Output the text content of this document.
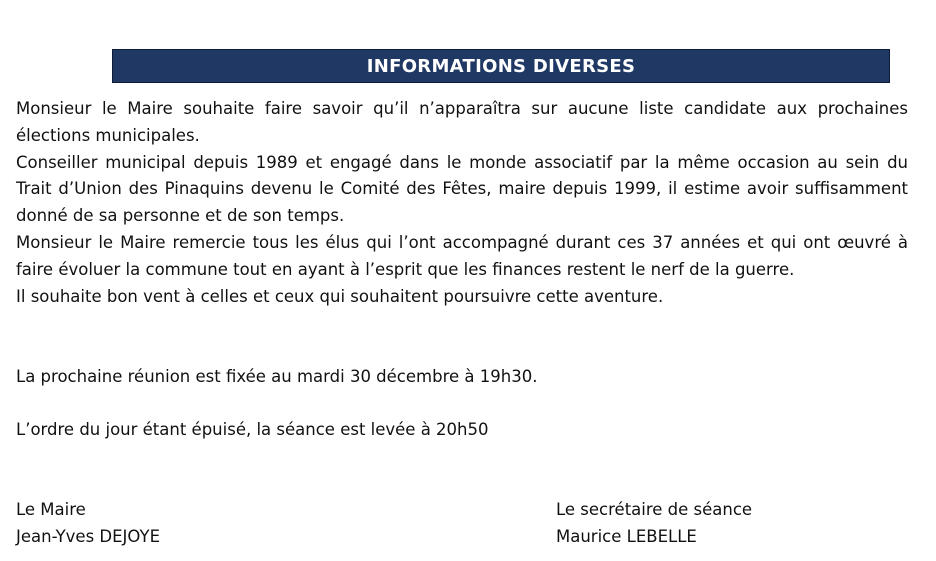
INFORMATIONS DIVERSES

Monsieur le Maire souhaite faire savoir qu’il n’apparaîtra sur aucune liste candidate aux prochaines élections municipales.

Conseiller municipal depuis 1989 et engagé dans le monde associatif par la même occasion au sein du Trait d’Union des Pinaquins devenu le Comité des Fêtes, maire depuis 1999, il estime avoir suffisamment donné de sa personne et de son temps.

Monsieur le Maire remercie tous les élus qui l’ont accompagné durant ces 37 années et qui ont œuvré à faire évoluer la commune tout en ayant à l’esprit que les finances restent le nerf de la guerre.

Il souhaite bon vent à celles et ceux qui souhaitent poursuivre cette aventure.

La prochaine réunion est fixée au mardi 30 décembre à 19h30.
L’ordre du jour étant épuisé, la séance est levée à 20h50
Le Maire
Jean-Yves DEJOYE
Le secrétaire de séance
Maurice LEBELLE
